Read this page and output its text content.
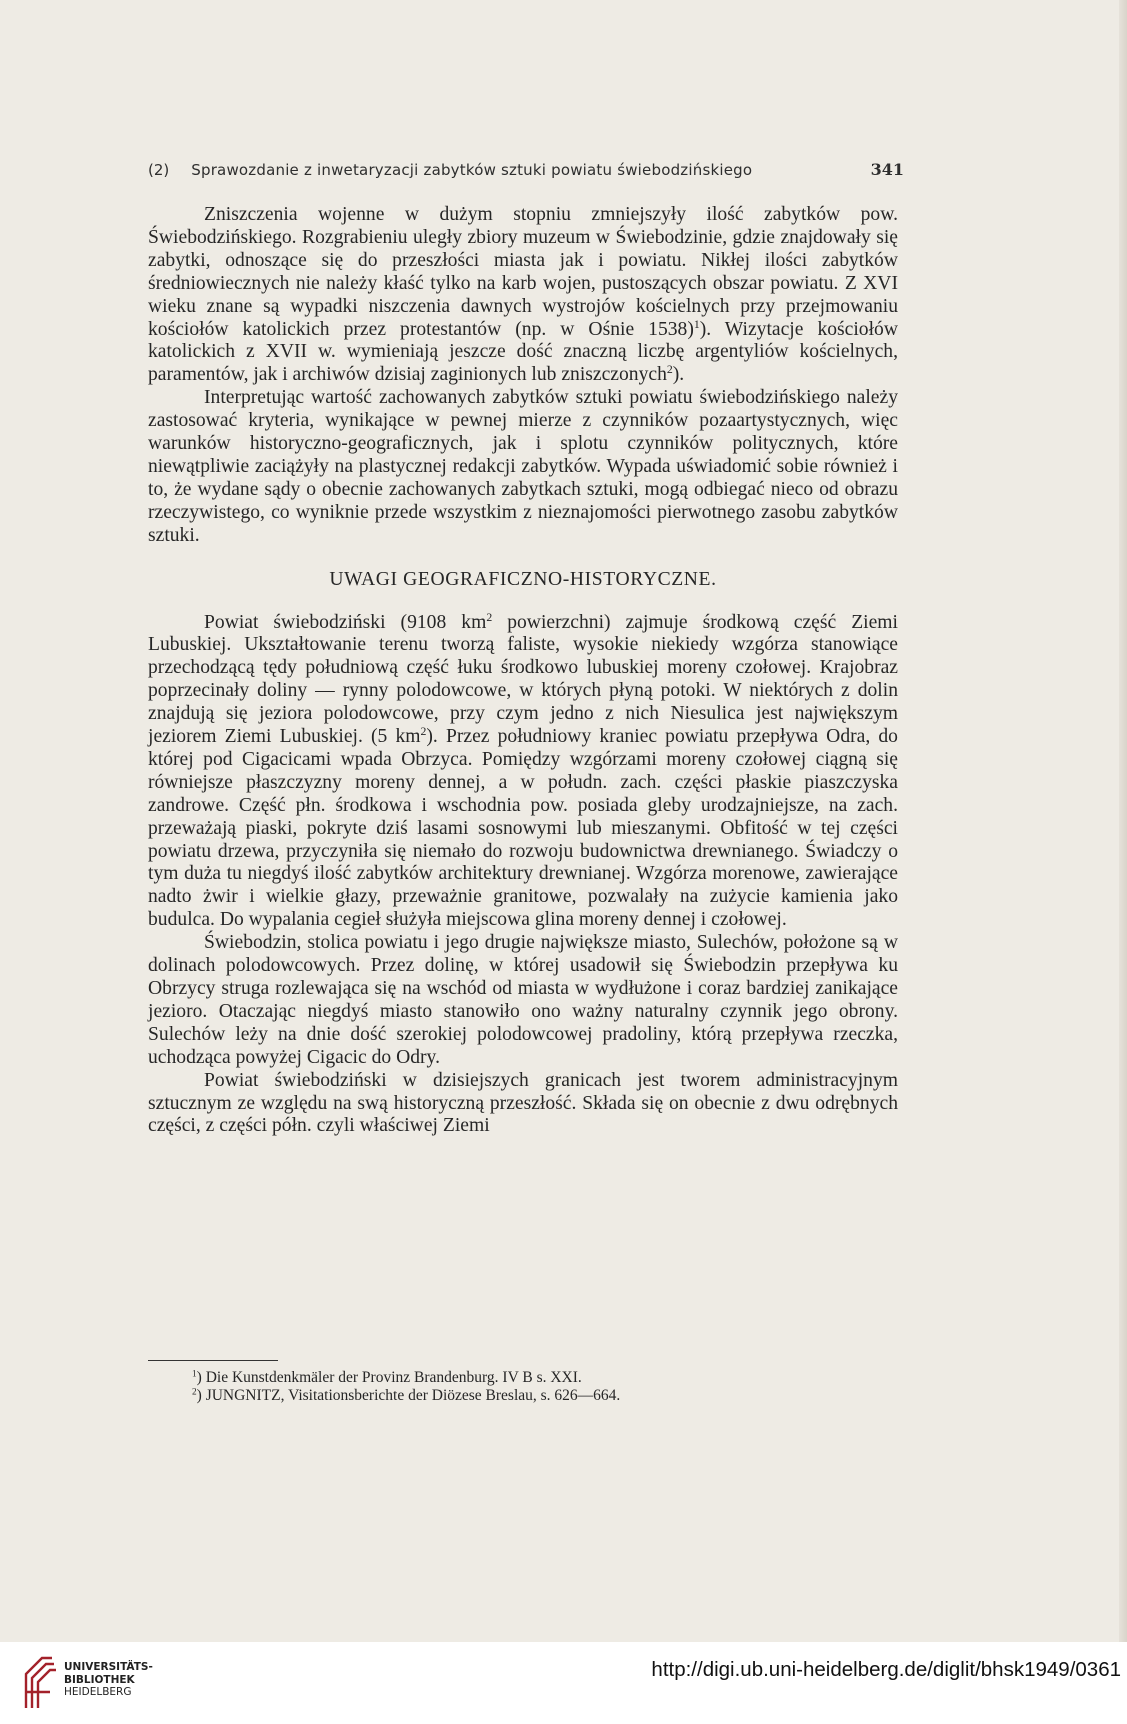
(2)	Sprawozdanie z inwetaryzacji zabytków sztuki powiatu świebodzińskiego	341

Zniszczenia wojenne w dużym stopniu zmniejszyły ilość zabytków pow. Świebodzińskiego. Rozgrabieniu uległy zbiory muzeum w Świebodzinie, gdzie znajdowały się zabytki, odnoszące się do przeszłości miasta jak i powiatu. Nikłej ilości zabytków średniowiecznych nie należy kłaść tylko na karb wojen, pustoszących obszar powiatu. Z XVI wieku znane są wypadki niszczenia dawnych wystrojów kościelnych przy przejmowaniu kościołów katolickich przez protestantów (np. w Ośnie 1538)$^1$). Wizytacje kościołów katolickich z XVII w. wymieniają jeszcze dość znaczną liczbę argentyliów kościelnych, paramentów, jak i archiwów dzisiaj zaginionych lub zniszczonych$^2$).

Interpretując wartość zachowanych zabytków sztuki powiatu świebodzińskiego należy zastosować kryteria, wynikające w pewnej mierze z czynników pozaartystycznych, więc warunków historyczno-geograficznych, jak i splotu czynników politycznych, które niewątpliwie zaciążyły na plastycznej redakcji zabytków. Wypada uświadomić sobie również i to, że wydane sądy o obecnie zachowanych zabytkach sztuki, mogą odbiegać nieco od obrazu rzeczywistego, co wyniknie przede wszystkim z nieznajomości pierwotnego zasobu zabytków sztuki.

UWAGI GEOGRAFICZNO-HISTORYCZNE.

Powiat świebodziński (9108 $km^2$ powierzchni) zajmuje środkową część Ziemi Lubuskiej. Ukształtowanie terenu tworzą faliste, wysokie niekiedy wzgórza stanowiące przechodzącą tędy południową część łuku środkowo lubuskiej moreny czołowej. Krajobraz poprzecinały doliny — rynny polodowcowe, w których płyną potoki. W niektórych z dolin znajdują się jeziora polodowcowe, przy czym jedno z nich Niesulica jest największym jeziorem Ziemi Lubuskiej. (5 $km^2$). Przez południowy kraniec powiatu przepływa Odra, do której pod Cigacicami wpada Obrzyca. Pomiędzy wzgórzami moreny czołowej ciągną się równiejsze płaszczyzny moreny dennej, a w połudn. zach. części płaskie piaszczyska zandrowe. Część płn. środkowa i wschodnia pow. posiada gleby urodzajniejsze, na zach. przeważają piaski, pokryte dziś lasami sosnowymi lub mieszanymi. Obfitość w tej części powiatu drzewa, przyczyniła się niemało do rozwoju budownictwa drewnianego. Świadczy o tym duża tu niegdyś ilość zabytków architektury drewnianej. Wzgórza morenowe, zawierające nadto żwir i wielkie głazy, przeważnie granitowe, pozwalały na zużycie kamienia jako budulca. Do wypalania cegieł służyła miejscowa glina moreny dennej i czołowej.

Świebodzin, stolica powiatu i jego drugie największe miasto, Sulechów, położone są w dolinach polodowcowych. Przez dolinę, w której usadowił się Świebodzin przepływa ku Obrzycy struga rozlewająca się na wschód od miasta w wydłużone i coraz bardziej zanikające jezioro. Otaczając niegdyś miasto stanowiło ono ważny naturalny czynnik jego obrony. Sulechów leży na dnie dość szerokiej polodowcowej pradoliny, którą przepływa rzeczka, uchodząca powyżej Cigacic do Odry.

Powiat świebodziński w dzisiejszych granicach jest tworem administracyjnym sztucznym ze względu na swą historyczną przeszłość. Składa się on obecnie z dwu odrębnych części, z części półn. czyli właściwej Ziemi

$^1$) Die Kunstdenkmäler der Provinz Brandenburg. IV B s. XXI.
$^2$) JUNGNITZ, Visitationsberichte der Diözese Breslau, s. 626—664.
UNIVERSITÄTS-
BIBLIOTHEK
HEIDELBERG
http://digi.ub.uni-heidelberg.de/diglit/bhsk1949/0361
